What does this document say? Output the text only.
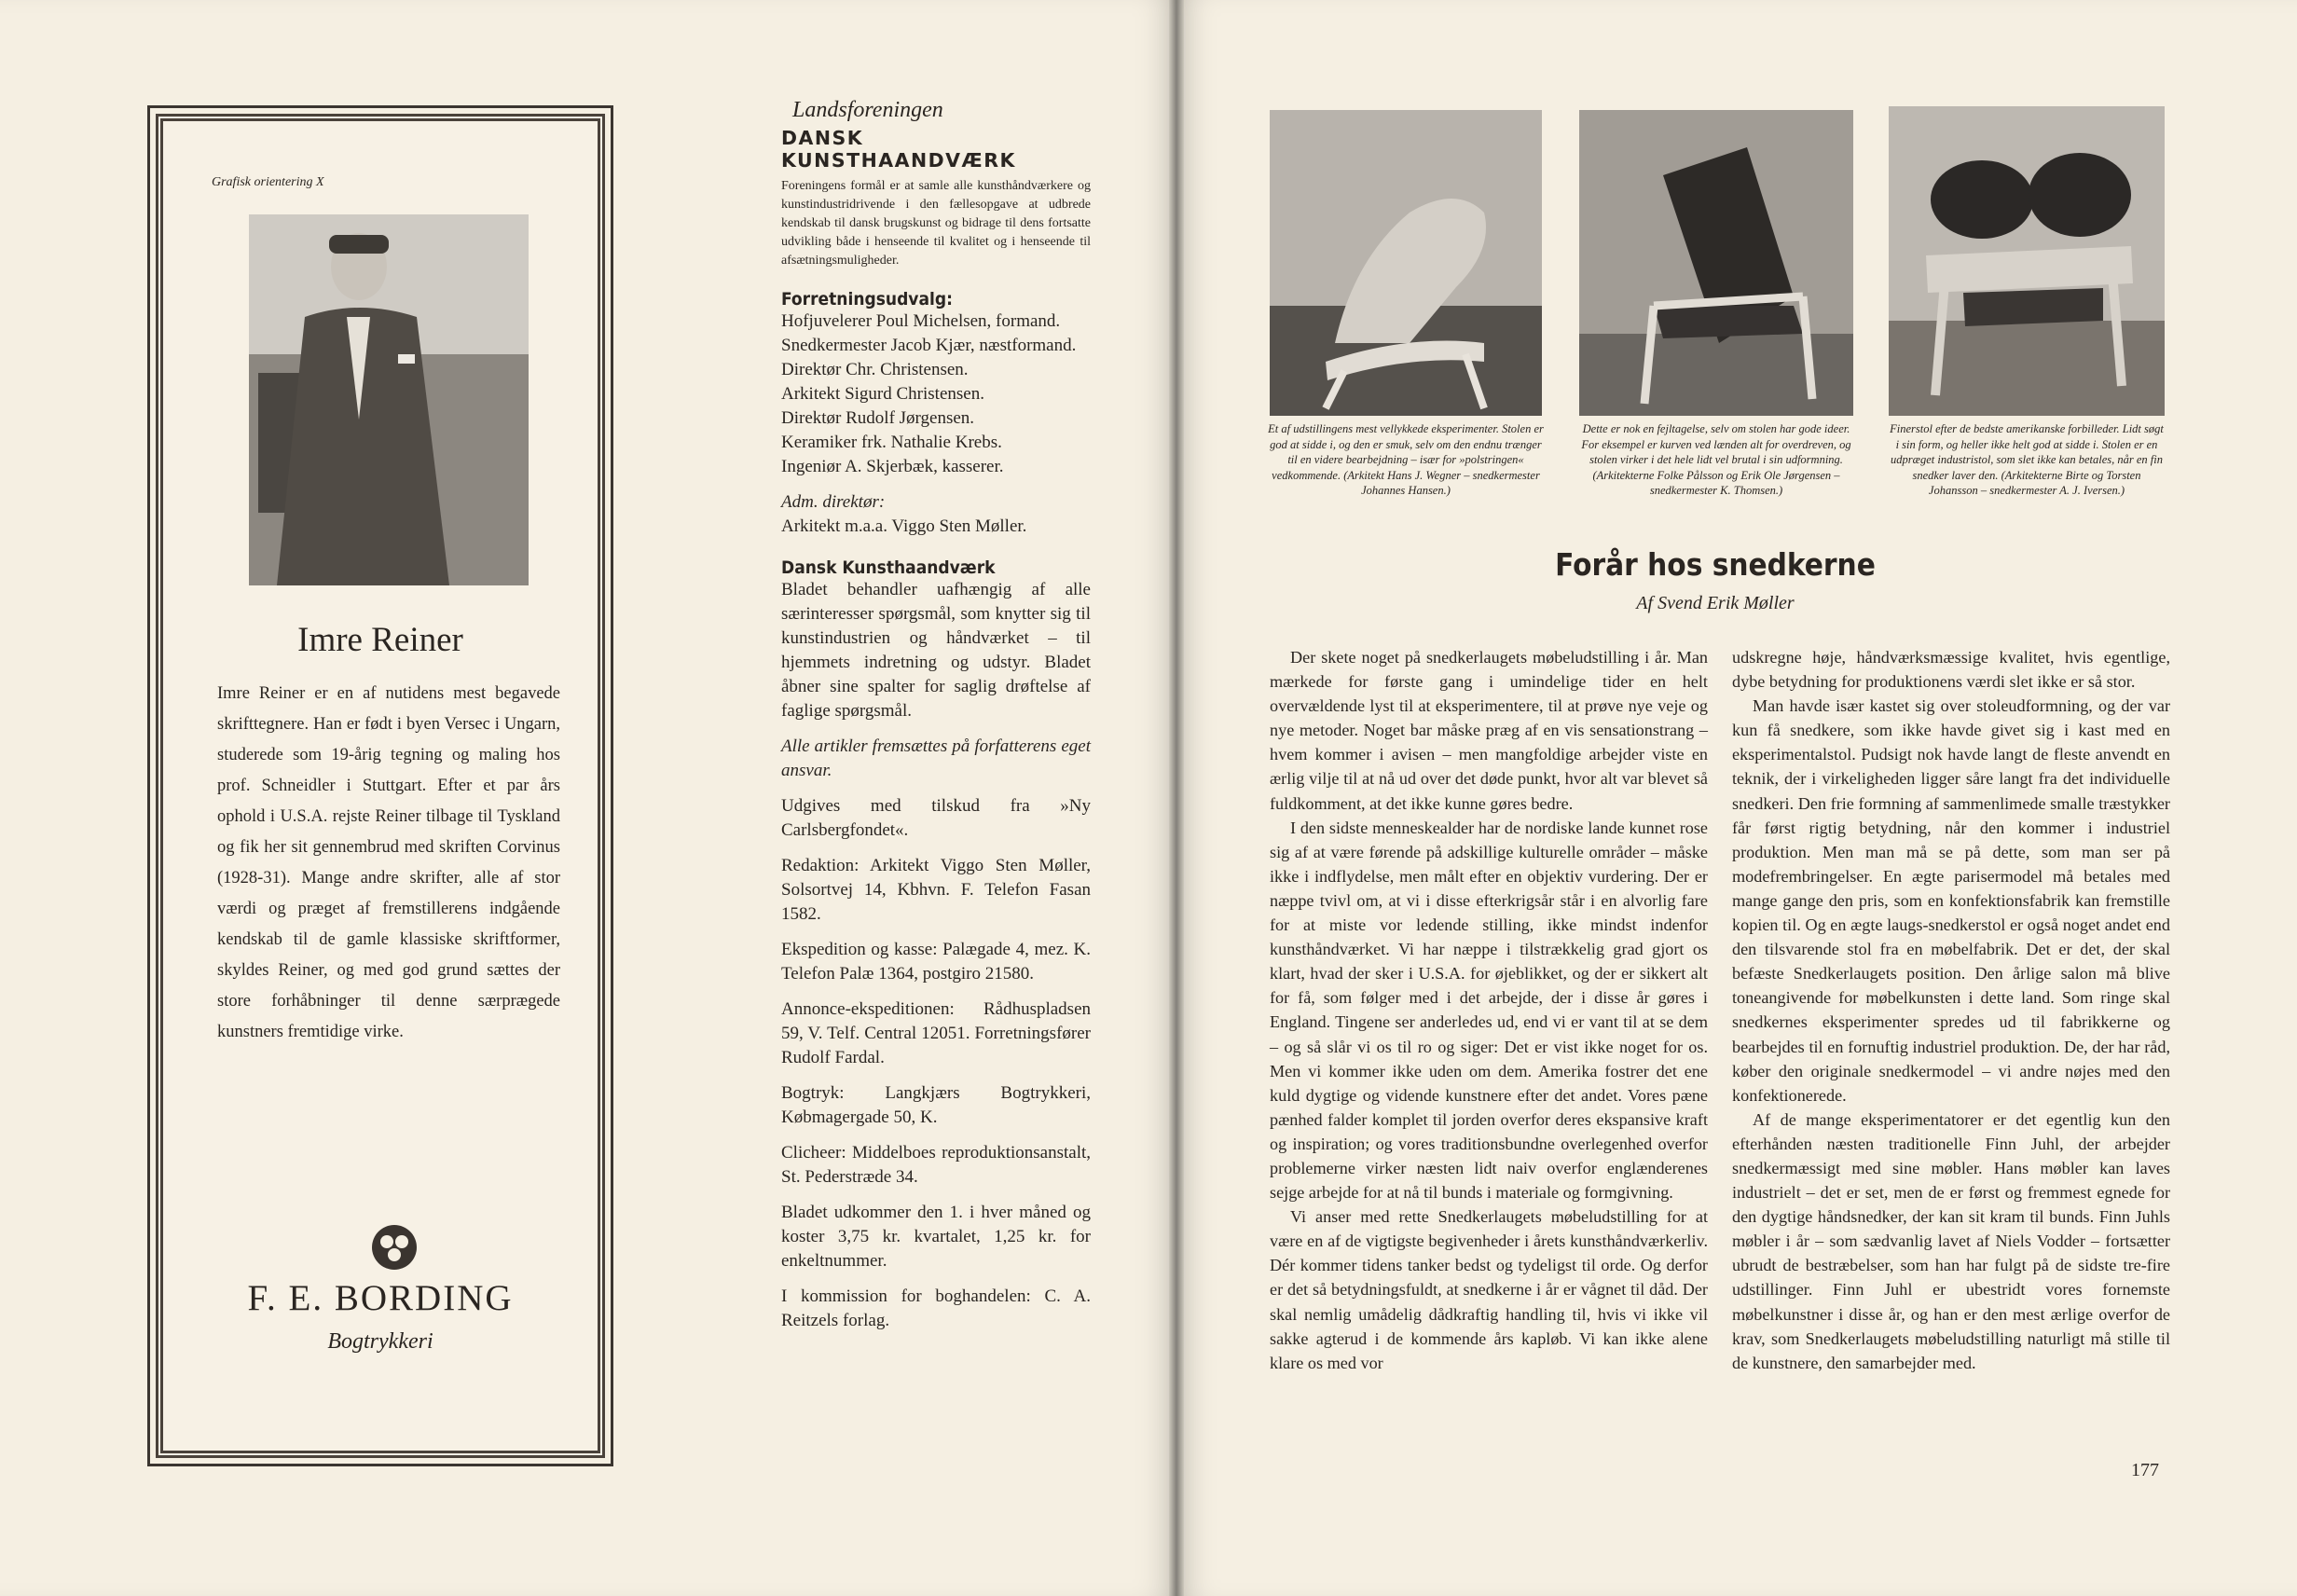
Grafisk orientering X
Imre Reiner
Imre Reiner er en af nutidens mest begavede skrifttegnere. Han er født i byen Versec i Ungarn, studerede som 19-årig tegning og maling hos prof. Schneidler i Stuttgart. Efter et par års ophold i U.S.A. rejste Reiner tilbage til Tyskland og fik her sit gennembrud med skriften Corvinus (1928-31). Mange andre skrifter, alle af stor værdi og præget af fremstillerens indgående kendskab til de gamle klassiske skriftformer, skyldes Reiner, og med god grund sættes der store forhåbninger til denne særprægede kunstners fremtidige virke.
F. E. BORDING
Bogtrykkeri
Landsforeningen
DANSK KUNSTHAANDVÆRK
Foreningens formål er at samle alle kunsthåndværkere og kunstindustridrivende i den fællesopgave at udbrede kendskab til dansk brugskunst og bidrage til dens fortsatte udvikling både i henseende til kvalitet og i henseende til afsætningsmuligheder.
Forretningsudvalg:

Hofjuvelerer Poul Michelsen, formand.

Snedkermester Jacob Kjær, næstformand.

Direktør Chr. Christensen.

Arkitekt Sigurd Christensen.

Direktør Rudolf Jørgensen.

Keramiker frk. Nathalie Krebs.

Ingeniør A. Skjerbæk, kasserer.

Adm. direktør:

Arkitekt m.a.a. Viggo Sten Møller.

Dansk Kunsthaandværk

Bladet behandler uafhængig af alle særinteresser spørgsmål, som knytter sig til kunstindustrien og håndværket – til hjemmets indretning og udstyr. Bladet åbner sine spalter for saglig drøftelse af faglige spørgsmål.

Alle artikler fremsættes på forfatterens eget ansvar.

Udgives med tilskud fra »Ny Carlsbergfondet«.

Redaktion: Arkitekt Viggo Sten Møller, Solsortvej 14, Kbhvn. F. Telefon Fasan 1582.

Ekspedition og kasse: Palægade 4, mez. K. Telefon Palæ 1364, postgiro 21580.

Annonce-ekspeditionen: Rådhuspladsen 59, V. Telf. Central 12051. Forretningsfører Rudolf Fardal.

Bogtryk: Langkjærs Bogtrykkeri, Købmagergade 50, K.

Clicheer: Middelboes reproduktionsanstalt, St. Pederstræde 34.

Bladet udkommer den 1. i hver måned og koster 3,75 kr. kvartalet, 1,25 kr. for enkeltnummer.

I kommission for boghandelen: C. A. Reitzels forlag.

Et af udstillingens mest vellykkede eksperimenter. Stolen er god at sidde i, og den er smuk, selv om den endnu trænger til en videre bearbejdning – især for »polstringen« vedkommende. (Arkitekt Hans J. Wegner – snedkermester Johannes Hansen.)
Dette er nok en fejltagelse, selv om stolen har gode ideer. For eksempel er kurven ved lænden alt for overdreven, og stolen virker i det hele lidt vel brutal i sin udformning. (Arkitekterne Folke Pålsson og Erik Ole Jørgensen – snedkermester K. Thomsen.)
Finerstol efter de bedste amerikanske forbilleder. Lidt søgt i sin form, og heller ikke helt god at sidde i. Stolen er en udpræget industristol, som slet ikke kan betales, når en fin snedker laver den. (Arkitekterne Birte og Torsten Johansson – snedkermester A. J. Iversen.)
Forår hos snedkerne
Af Svend Erik Møller

Der skete noget på snedkerlaugets møbeludstilling i år. Man mærkede for første gang i umindelige tider en helt overvældende lyst til at eksperimentere, til at prøve nye veje og nye metoder. Noget bar måske præg af en vis sensationstrang – hvem kommer i avisen – men mangfoldige arbejder viste en ærlig vilje til at nå ud over det døde punkt, hvor alt var blevet så fuldkomment, at det ikke kunne gøres bedre.

I den sidste menneskealder har de nordiske lande kunnet rose sig af at være førende på adskillige kulturelle områder – måske ikke i indflydelse, men målt efter en objektiv vurdering. Der er næppe tvivl om, at vi i disse efterkrigsår står i en alvorlig fare for at miste vor ledende stilling, ikke mindst indenfor kunsthåndværket. Vi har næppe i tilstrækkelig grad gjort os klart, hvad der sker i U.S.A. for øjeblikket, og der er sikkert alt for få, som følger med i det arbejde, der i disse år gøres i England. Tingene ser anderledes ud, end vi er vant til at se dem – og så slår vi os til ro og siger: Det er vist ikke noget for os. Men vi kommer ikke uden om dem. Amerika fostrer det ene kuld dygtige og vidende kunstnere efter det andet. Vores pæne pænhed falder komplet til jorden overfor deres ekspansive kraft og inspiration; og vores traditionsbundne overlegenhed overfor problemerne virker næsten lidt naiv overfor englænderenes sejge arbejde for at nå til bunds i materiale og formgivning.

Vi anser med rette Snedkerlaugets møbeludstilling for at være en af de vigtigste begivenheder i årets kunsthåndværkerliv. Dér kommer tidens tanker bedst og tydeligst til orde. Og derfor er det så betydningsfuldt, at snedkerne i år er vågnet til dåd. Der skal nemlig umådelig dådkraftig handling til, hvis vi ikke vil sakke agterud i de kommende års kapløb. Vi kan ikke alene klare os med vor

udskregne høje, håndværksmæssige kvalitet, hvis egentlige, dybe betydning for produktionens værdi slet ikke er så stor.

Man havde især kastet sig over stoleudformning, og der var kun få snedkere, som ikke havde givet sig i kast med en eksperimentalstol. Pudsigt nok havde langt de fleste anvendt en teknik, der i virkeligheden ligger såre langt fra det individuelle snedkeri. Den frie formning af sammenlimede smalle træstykker får først rigtig betydning, når den kommer i industriel produktion. Men man må se på dette, som man ser på modefrembringelser. En ægte parisermodel må betales med mange gange den pris, som en konfektionsfabrik kan fremstille kopien til. Og en ægte laugs-snedkerstol er også noget andet end den tilsvarende stol fra en møbelfabrik. Det er det, der skal befæste Snedkerlaugets position. Den årlige salon må blive toneangivende for møbelkunsten i dette land. Som ringe skal snedkernes eksperimenter spredes ud til fabrikkerne og bearbejdes til en fornuftig industriel produktion. De, der har råd, køber den originale snedkermodel – vi andre nøjes med den konfektionerede.

Af de mange eksperimentatorer er det egentlig kun den efterhånden næsten traditionelle Finn Juhl, der arbejder snedkermæssigt med sine møbler. Hans møbler kan laves industrielt – det er set, men de er først og fremmest egnede for den dygtige håndsnedker, der kan sit kram til bunds. Finn Juhls møbler i år – som sædvanlig lavet af Niels Vodder – fortsætter ubrudt de bestræbelser, som han har fulgt på de sidste tre-fire udstillinger. Finn Juhl er ubestridt vores fornemste møbelkunstner i disse år, og han er den mest ærlige overfor de krav, som Snedkerlaugets møbeludstilling naturligt må stille til de kunstnere, den samarbejder med.

177
